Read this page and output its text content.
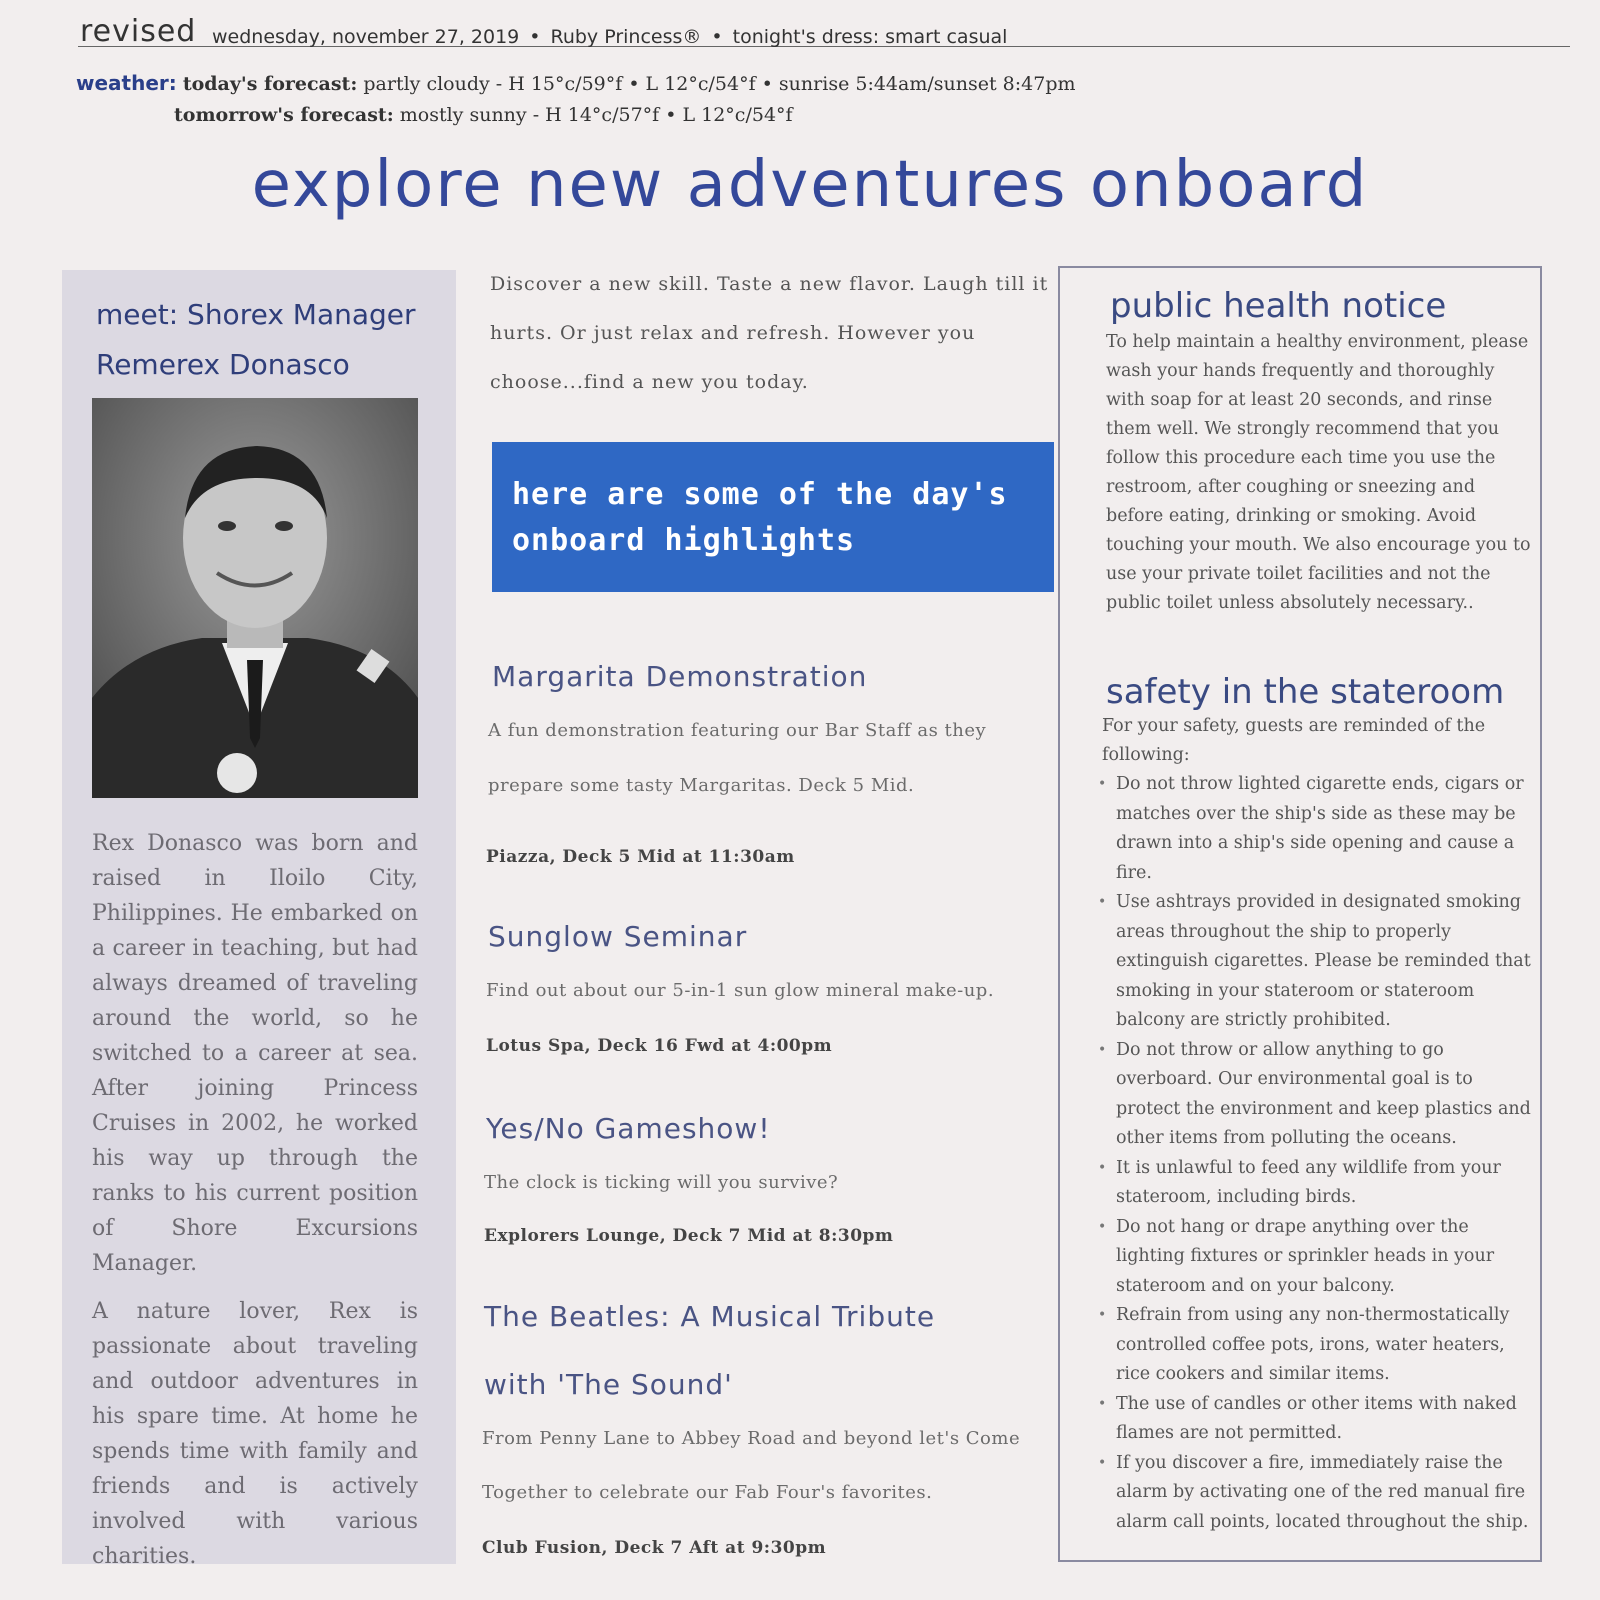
revised wednesday, november 27, 2019 • Ruby Princess® • tonight's dress: smart casual
weather: today's forecast: partly cloudy - H 15°c/59°f • L 12°c/54°f • sunrise 5:44am/sunset 8:47pm
tomorrow's forecast: mostly sunny - H 14°c/57°f • L 12°c/54°f
explore new adventures onboard
meet: Shorex Manager
Remerex Donasco

Rex Donasco was born and raised in Iloilo City, Philippines. He embarked on a career in teaching, but had always dreamed of traveling around the world, so he switched to a career at sea. After joining Princess Cruises in 2002, he worked his way up through the ranks to his current position of Shore Excursions Manager.

A nature lover, Rex is passionate about traveling and outdoor adventures in his spare time. At home he spends time with family and friends and is actively involved with various charities.

Discover a new skill. Taste a new flavor. Laugh till it hurts. Or just relax and refresh. However you choose...find a new you today.
here are some of the day's onboard highlights
Margarita Demonstration
A fun demonstration featuring our Bar Staff as they
prepare some tasty Margaritas. Deck 5 Mid.
Piazza, Deck 5 Mid at 11:30am
Sunglow Seminar
Find out about our 5-in-1 sun glow mineral make-up.
Lotus Spa, Deck 16 Fwd at 4:00pm
Yes/No Gameshow!
The clock is ticking will you survive?
Explorers Lounge, Deck 7 Mid at 8:30pm
The Beatles: A Musical Tribute
with 'The Sound'
From Penny Lane to Abbey Road and beyond let's Come
Together to celebrate our Fab Four's favorites.
Club Fusion, Deck 7 Aft at 9:30pm
public health notice
To help maintain a healthy environment, please wash your hands frequently and thoroughly with soap for at least 20 seconds, and rinse them well. We strongly recommend that you follow this procedure each time you use the restroom, after coughing or sneezing and before eating, drinking or smoking. Avoid touching your mouth. We also encourage you to use your private toilet facilities and not the public toilet unless absolutely necessary..
safety in the stateroom
For your safety, guests are reminded of the following:
• Do not throw lighted cigarette ends, cigars or matches over the ship's side as these may be drawn into a ship's side opening and cause a fire.
• Use ashtrays provided in designated smoking areas throughout the ship to properly extinguish cigarettes. Please be reminded that smoking in your stateroom or stateroom balcony are strictly prohibited.
• Do not throw or allow anything to go overboard. Our environmental goal is to protect the environment and keep plastics and other items from polluting the oceans.
• It is unlawful to feed any wildlife from your stateroom, including birds.
• Do not hang or drape anything over the lighting fixtures or sprinkler heads in your stateroom and on your balcony.
• Refrain from using any non-thermostatically controlled coffee pots, irons, water heaters, rice cookers and similar items.
• The use of candles or other items with naked flames are not permitted.
• If you discover a fire, immediately raise the alarm by activating one of the red manual fire alarm call points, located throughout the ship.
